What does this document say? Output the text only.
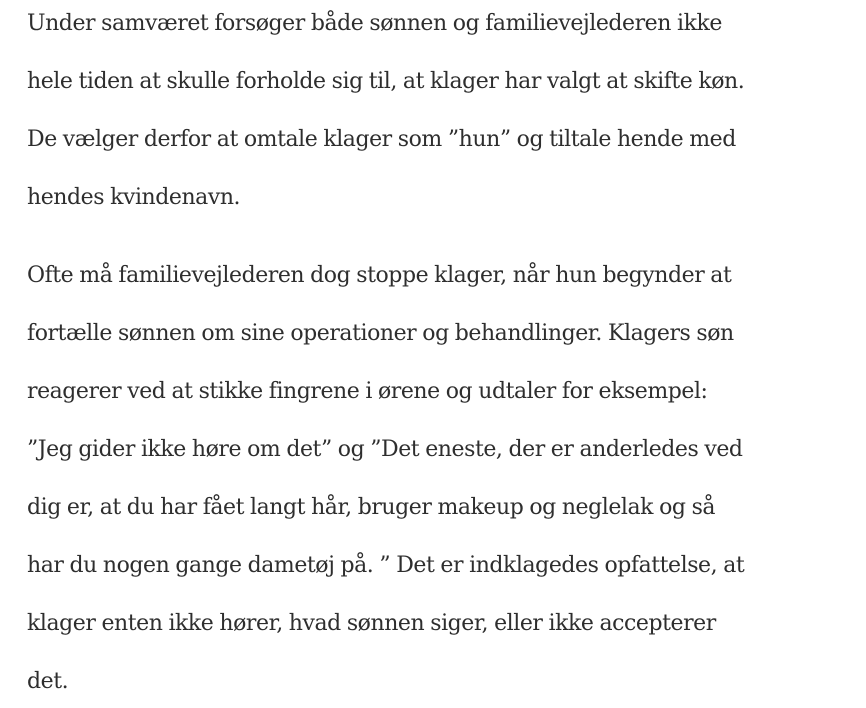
Under samværet forsøger både sønnen og familievejlederen ikke
hele tiden at skulle forholde sig til, at klager har valgt at skifte køn.
De vælger derfor at omtale klager som ”hun” og tiltale hende med
hendes kvindenavn.

Ofte må familievejlederen dog stoppe klager, når hun begynder at
fortælle sønnen om sine operationer og behandlinger. Klagers søn
reagerer ved at stikke fingrene i ørene og udtaler for eksempel:
”Jeg gider ikke høre om det” og ”Det eneste, der er anderledes ved
dig er, at du har fået langt hår, bruger makeup og neglelak og så
har du nogen gange dametøj på. ” Det er indklagedes opfattelse, at
klager enten ikke hører, hvad sønnen siger, eller ikke accepterer
det.
